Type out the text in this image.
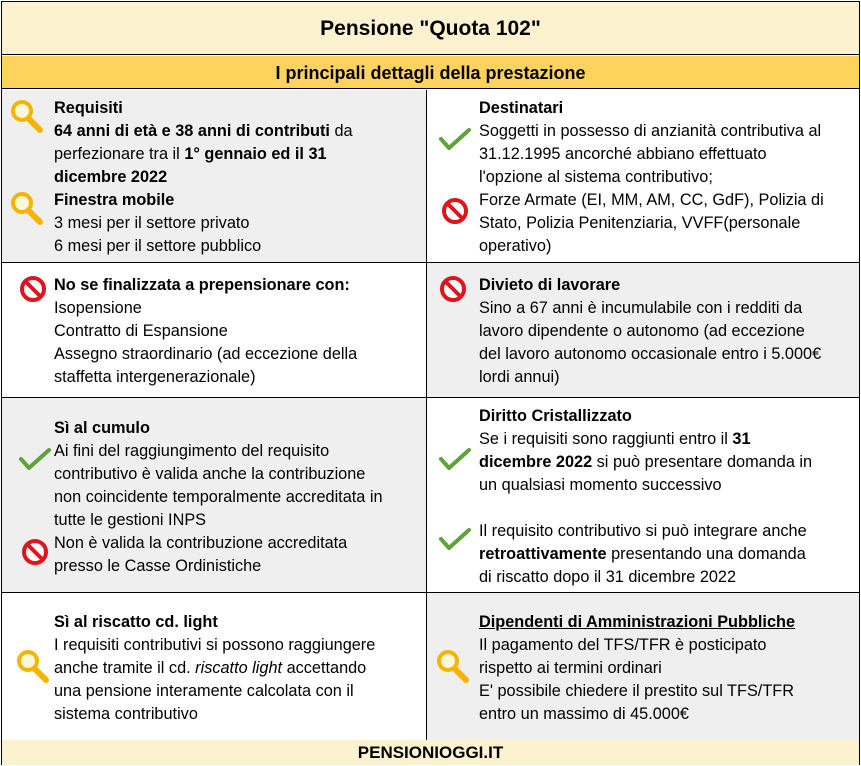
Pensione "Quota 102"
I principali dettagli della prestazione
Requisiti
64 anni di età e 38 anni di contributi da
perfezionare tra il 1° gennaio ed il 31
dicembre 2022
Finestra mobile
3 mesi per il settore privato
6 mesi per il settore pubblico
Destinatari
Soggetti in possesso di anzianità contributiva al
31.12.1995 ancorché abbiano effettuato
l'opzione al sistema contributivo;
Forze Armate (EI, MM, AM, CC, GdF), Polizia di
Stato, Polizia Penitenziaria, VVFF(personale
operativo)
No se finalizzata a prepensionare con:
Isopensione
Contratto di Espansione
Assegno straordinario (ad eccezione della
staffetta intergenerazionale)
Divieto di lavorare
Sino a 67 anni è incumulabile con i redditi da
lavoro dipendente o autonomo (ad eccezione
del lavoro autonomo occasionale entro i 5.000€
lordi annui)
Sì al cumulo
Ai fini del raggiungimento del requisito
contributivo è valida anche la contribuzione
non coincidente temporalmente accreditata in
tutte le gestioni INPS
Non è valida la contribuzione accreditata
presso le Casse Ordinistiche
Diritto Cristallizzato
Se i requisiti sono raggiunti entro il 31
dicembre 2022 si può presentare domanda in
un qualsiasi momento successivo
Il requisito contributivo si può integrare anche
retroattivamente presentando una domanda
di riscatto dopo il 31 dicembre 2022
Sì al riscatto cd. light
I requisiti contributivi si possono raggiungere
anche tramite il cd. riscatto light accettando
una pensione interamente calcolata con il
sistema contributivo
Dipendenti di Amministrazioni Pubbliche
Il pagamento del TFS/TFR è posticipato
rispetto ai termini ordinari
E' possibile chiedere il prestito sul TFS/TFR
entro un massimo di 45.000€
PENSIONIOGGI.IT
